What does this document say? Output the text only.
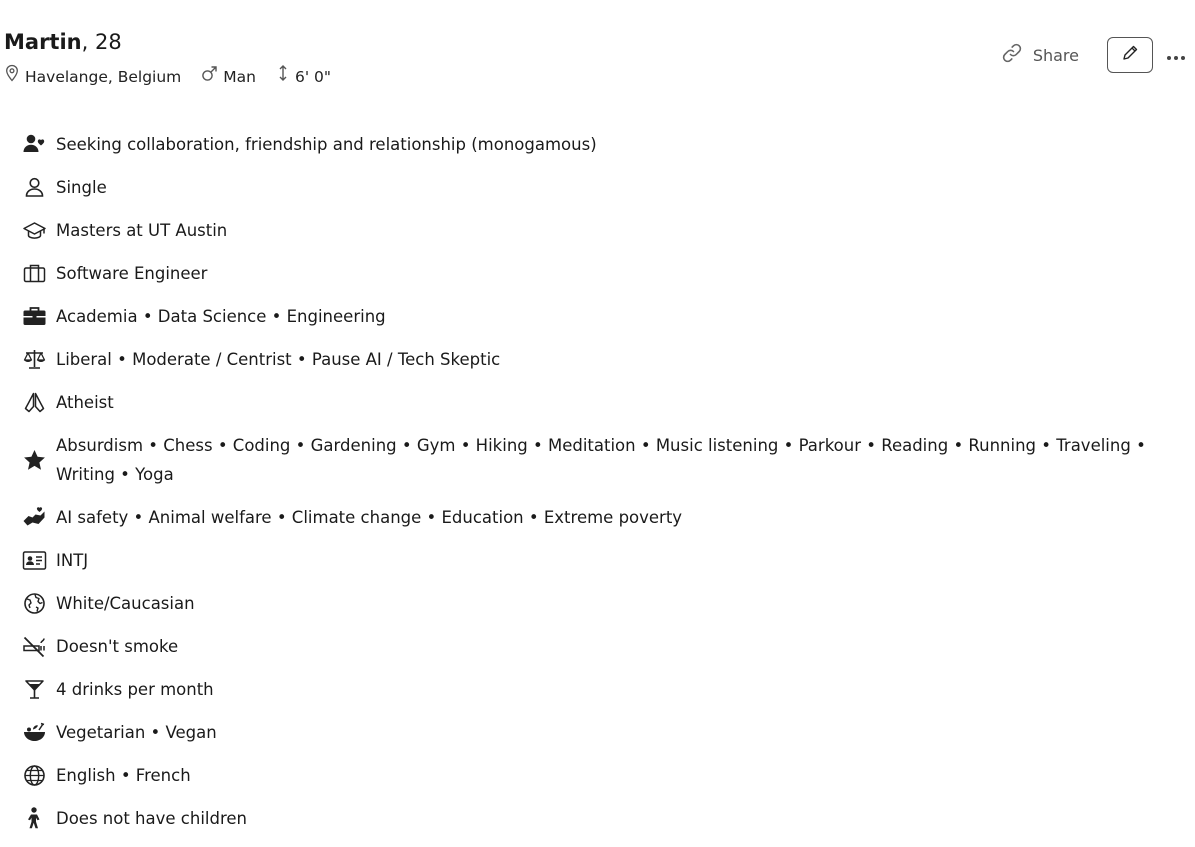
Martin, 28
Havelange, Belgium	Man	6' 0"
Share
Seeking collaboration, friendship and relationship (monogamous)
Single
Masters at UT Austin
Software Engineer
Academia • Data Science • Engineering
Liberal • Moderate / Centrist • Pause AI / Tech Skeptic
Atheist
Absurdism • Chess • Coding • Gardening • Gym • Hiking • Meditation • Music listening • Parkour • Reading • Running • Traveling • Writing • Yoga
AI safety • Animal welfare • Climate change • Education • Extreme poverty
INTJ
White/Caucasian
Doesn't smoke
4 drinks per month
Vegetarian • Vegan
English • French
Does not have children
